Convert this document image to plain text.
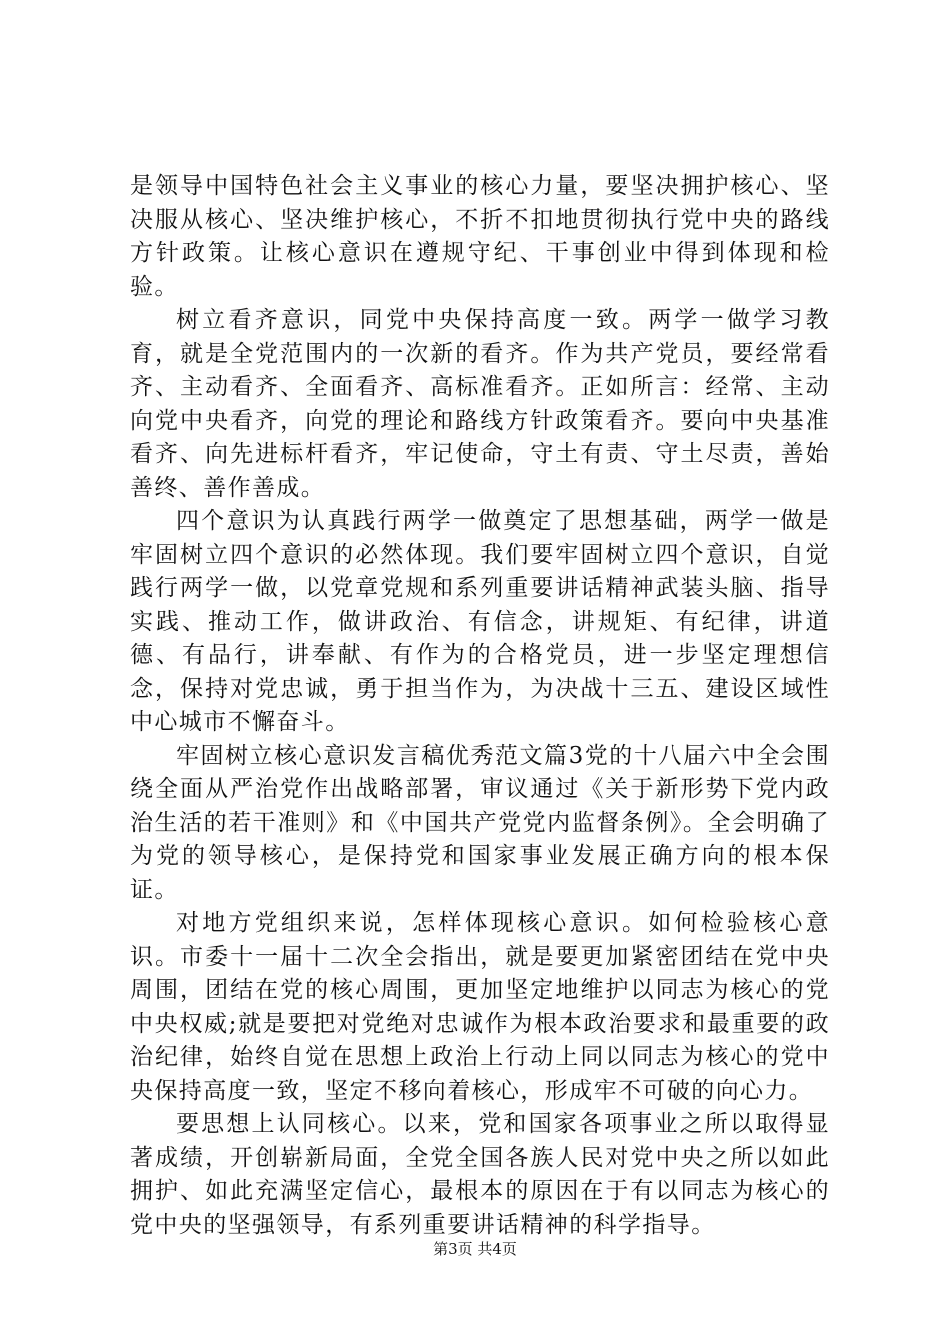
是领导中国特色社会主义事业的核心力量，要坚决拥护核心、坚决服从核心、坚决维护核心，不折不扣地贯彻执行党中央的路线方针政策。让核心意识在遵规守纪、干事创业中得到体现和检验。

树立看齐意识，同党中央保持高度一致。两学一做学习教育，就是全党范围内的一次新的看齐。作为共产党员，要经常看齐、主动看齐、全面看齐、高标准看齐。正如所言：经常、主动向党中央看齐，向党的理论和路线方针政策看齐。要向中央基准看齐、向先进标杆看齐，牢记使命，守土有责、守土尽责，善始善终、善作善成。

四个意识为认真践行两学一做奠定了思想基础，两学一做是牢固树立四个意识的必然体现。我们要牢固树立四个意识，自觉践行两学一做，以党章党规和系列重要讲话精神武装头脑、指导实践、推动工作，做讲政治、有信念，讲规矩、有纪律，讲道德、有品行，讲奉献、有作为的合格党员，进一步坚定理想信念，保持对党忠诚，勇于担当作为，为决战十三五、建设区域性中心城市不懈奋斗。

牢固树立核心意识发言稿优秀范文篇3党的十八届六中全会围绕全面从严治党作出战略部署，审议通过《关于新形势下党内政治生活的若干准则》和《中国共产党党内监督条例》。全会明确了为党的领导核心，是保持党和国家事业发展正确方向的根本保证。

对地方党组织来说，怎样体现核心意识。如何检验核心意识。市委十一届十二次全会指出，就是要更加紧密团结在党中央周围，团结在党的核心周围，更加坚定地维护以同志为核心的党中央权威;就是要把对党绝对忠诚作为根本政治要求和最重要的政治纪律，始终自觉在思想上政治上行动上同以同志为核心的党中央保持高度一致，坚定不移向着核心，形成牢不可破的向心力。

要思想上认同核心。以来，党和国家各项事业之所以取得显著成绩，开创崭新局面，全党全国各族人民对党中央之所以如此拥护、如此充满坚定信心，最根本的原因在于有以同志为核心的党中央的坚强领导，有系列重要讲话精神的科学指导。

第3页 共4页
